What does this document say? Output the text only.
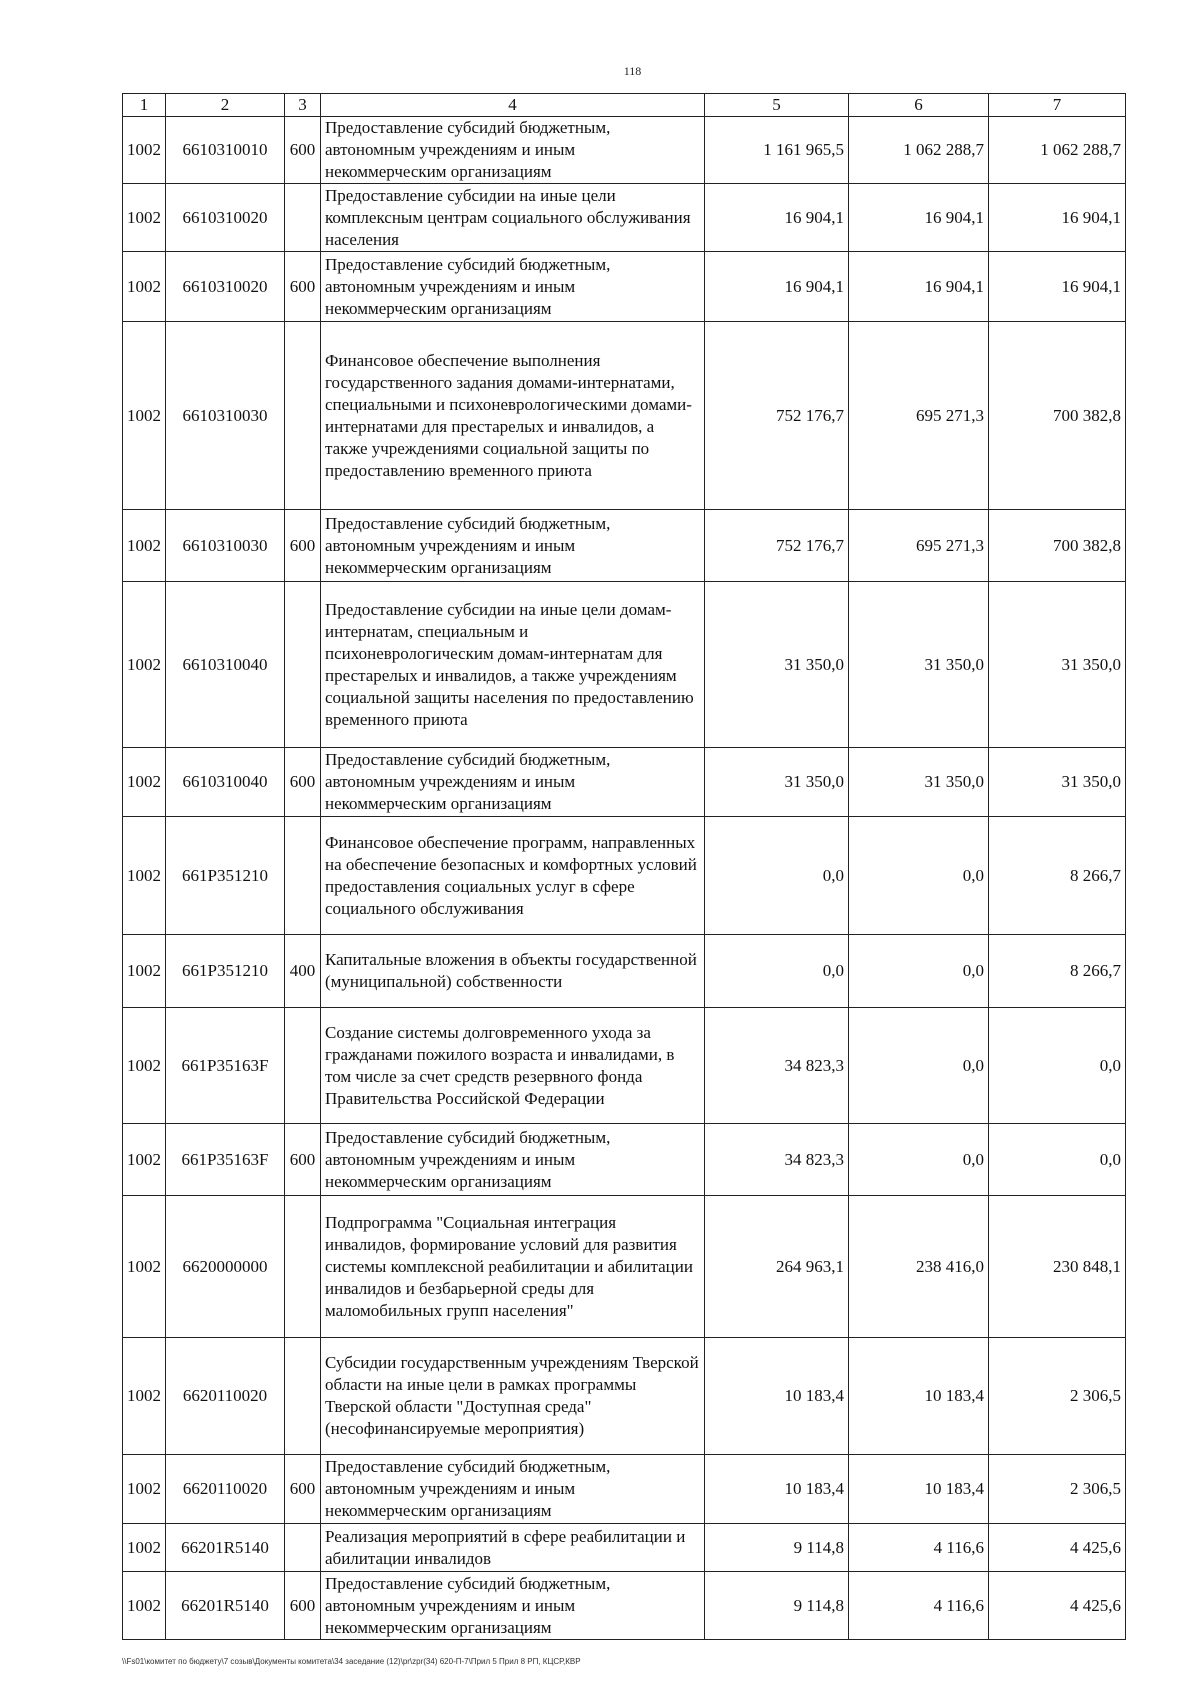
118
1	2	3	4	5	6	7
1002	6610310010	600	Предоставление субсидий бюджетным, автономным учреждениям и иным некоммерческим организациям	1 161 965,5	1 062 288,7	1 062 288,7
1002	6610310020		Предоставление субсидии на иные цели комплексным центрам социального обслуживания населения	16 904,1	16 904,1	16 904,1
1002	6610310020	600	Предоставление субсидий бюджетным, автономным учреждениям и иным некоммерческим организациям	16 904,1	16 904,1	16 904,1
1002	6610310030		Финансовое обеспечение выполнения государственного задания домами-интернатами, специальными и психоневрологическими домами-интернатами для престарелых и инвалидов, а также учреждениями социальной защиты по предоставлению временного приюта	752 176,7	695 271,3	700 382,8
1002	6610310030	600	Предоставление субсидий бюджетным, автономным учреждениям и иным некоммерческим организациям	752 176,7	695 271,3	700 382,8
1002	6610310040		Предоставление субсидии на иные цели домам-интернатам, специальным и психоневрологическим домам-интернатам для престарелых и инвалидов, а также учреждениям социальной защиты населения по предоставлению временного приюта	31 350,0	31 350,0	31 350,0
1002	6610310040	600	Предоставление субсидий бюджетным, автономным учреждениям и иным некоммерческим организациям	31 350,0	31 350,0	31 350,0
1002	661P351210		Финансовое обеспечение программ, направленных на обеспечение безопасных и комфортных условий предоставления социальных услуг в сфере социального обслуживания	0,0	0,0	8 266,7
1002	661P351210	400	Капитальные вложения в объекты государственной (муниципальной) собственности	0,0	0,0	8 266,7
1002	661P35163F		Создание системы долговременного ухода за гражданами пожилого возраста и инвалидами, в том числе за счет средств резервного фонда Правительства Российской Федерации	34 823,3	0,0	0,0
1002	661P35163F	600	Предоставление субсидий бюджетным, автономным учреждениям и иным некоммерческим организациям	34 823,3	0,0	0,0
1002	6620000000		Подпрограмма "Социальная интеграция инвалидов, формирование условий для развития системы комплексной реабилитации и абилитации инвалидов и безбарьерной среды для маломобильных групп населения"	264 963,1	238 416,0	230 848,1
1002	6620110020		Субсидии государственным учреждениям Тверской области на иные цели в рамках программы Тверской области "Доступная среда" (несофинансируемые мероприятия)	10 183,4	10 183,4	2 306,5
1002	6620110020	600	Предоставление субсидий бюджетным, автономным учреждениям и иным некоммерческим организациям	10 183,4	10 183,4	2 306,5
1002	66201R5140		Реализация мероприятий в сфере реабилитации и абилитации инвалидов	9 114,8	4 116,6	4 425,6
1002	66201R5140	600	Предоставление субсидий бюджетным, автономным учреждениям и иным некоммерческим организациям	9 114,8	4 116,6	4 425,6
\\Fs01\комитет по бюджету\7 созыв\Документы комитета\34 заседание (12)\pr\zpr(34) 620-П-7\Прил 5 Прил 8 РП, КЦСР,КВР
